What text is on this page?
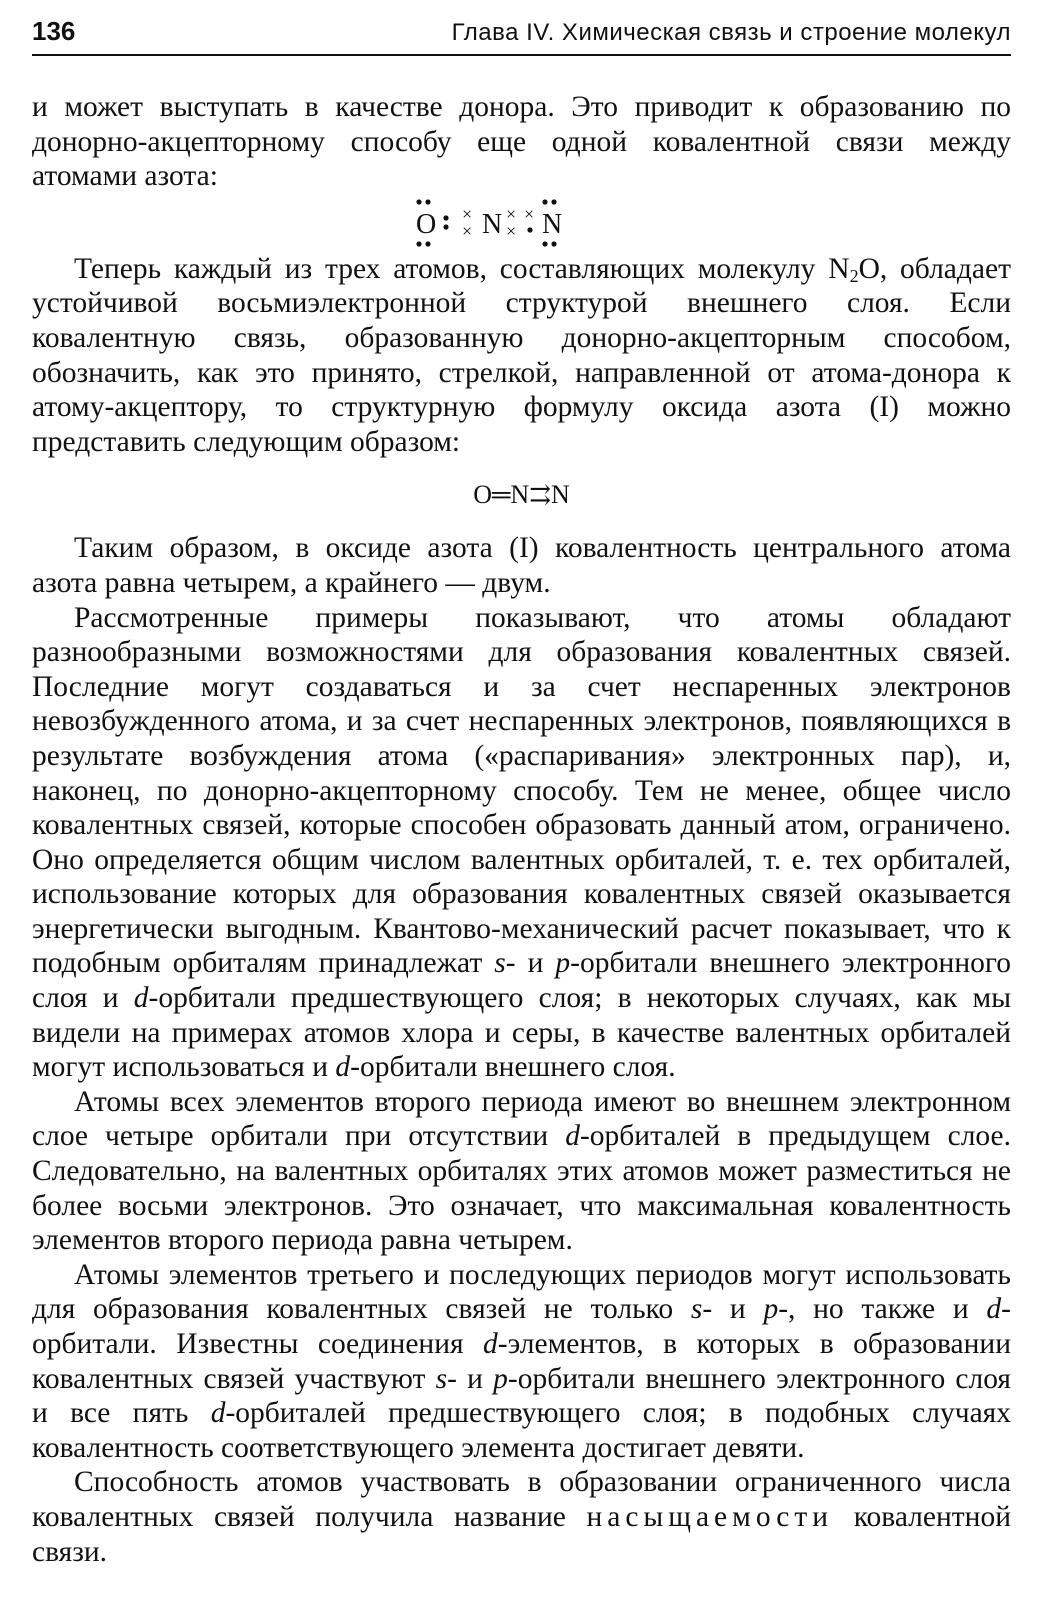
136	Глава IV. Химическая связь и строение молекул

и может выступать в качестве донора. Это приводит к образованию по донорно-акцепторному способу еще одной ковалентной связи между атомами азота:

O ×
× N ×
×
× N

Теперь каждый из трех атомов, составляющих молекулу $N_2O$, обладает устойчивой восьмиэлектронной структурой внешнего слоя. Если ковалентную связь, образованную донорно-акцепторным способом, обозначить, как это принято, стрелкой, направленной от атома-донора к атому-акцептору, то структурную формулу оксида азота (I) можно представить следующим образом:

O═N⇉N

Таким образом, в оксиде азота (I) ковалентность центрального атома азота равна четырем, а крайнего — двум.

Рассмотренные примеры показывают, что атомы обладают разнообразными возможностями для образования ковалентных связей. Последние могут создаваться и за счет неспаренных электронов невозбужденного атома, и за счет неспаренных электронов, появляющихся в результате возбуждения атома («распаривания» электронных пар), и, наконец, по донорно-акцепторному способу. Тем не менее, общее число ковалентных связей, которые способен образовать данный атом, ограничено. Оно определяется общим числом валентных орбиталей, т. е. тех орбиталей, использование которых для образования ковалентных связей оказывается энергетически выгодным. Квантово-механический расчет показывает, что к подобным орбиталям принадлежат s- и p-орбитали внешнего электронного слоя и d-орбитали предшествующего слоя; в некоторых случаях, как мы видели на примерах атомов хлора и серы, в качестве валентных орбиталей могут использоваться и d-орбитали внешнего слоя.

Атомы всех элементов второго периода имеют во внешнем электронном слое четыре орбитали при отсутствии d-орбиталей в предыдущем слое. Следовательно, на валентных орбиталях этих атомов может разместиться не более восьми электронов. Это означает, что максимальная ковалентность элементов второго периода равна четырем.

Атомы элементов третьего и последующих периодов могут использовать для образования ковалентных связей не только s- и p-, но также и d-орбитали. Известны соединения d-элементов, в которых в образовании ковалентных связей участвуют s- и p-орбитали внешнего электронного слоя и все пять d-орбиталей предшествующего слоя; в подобных случаях ковалентность соответствующего элемента достигает девяти.

Способность атомов участвовать в образовании ограниченного числа ковалентных связей получила название насыщаемости ковалентной связи.
